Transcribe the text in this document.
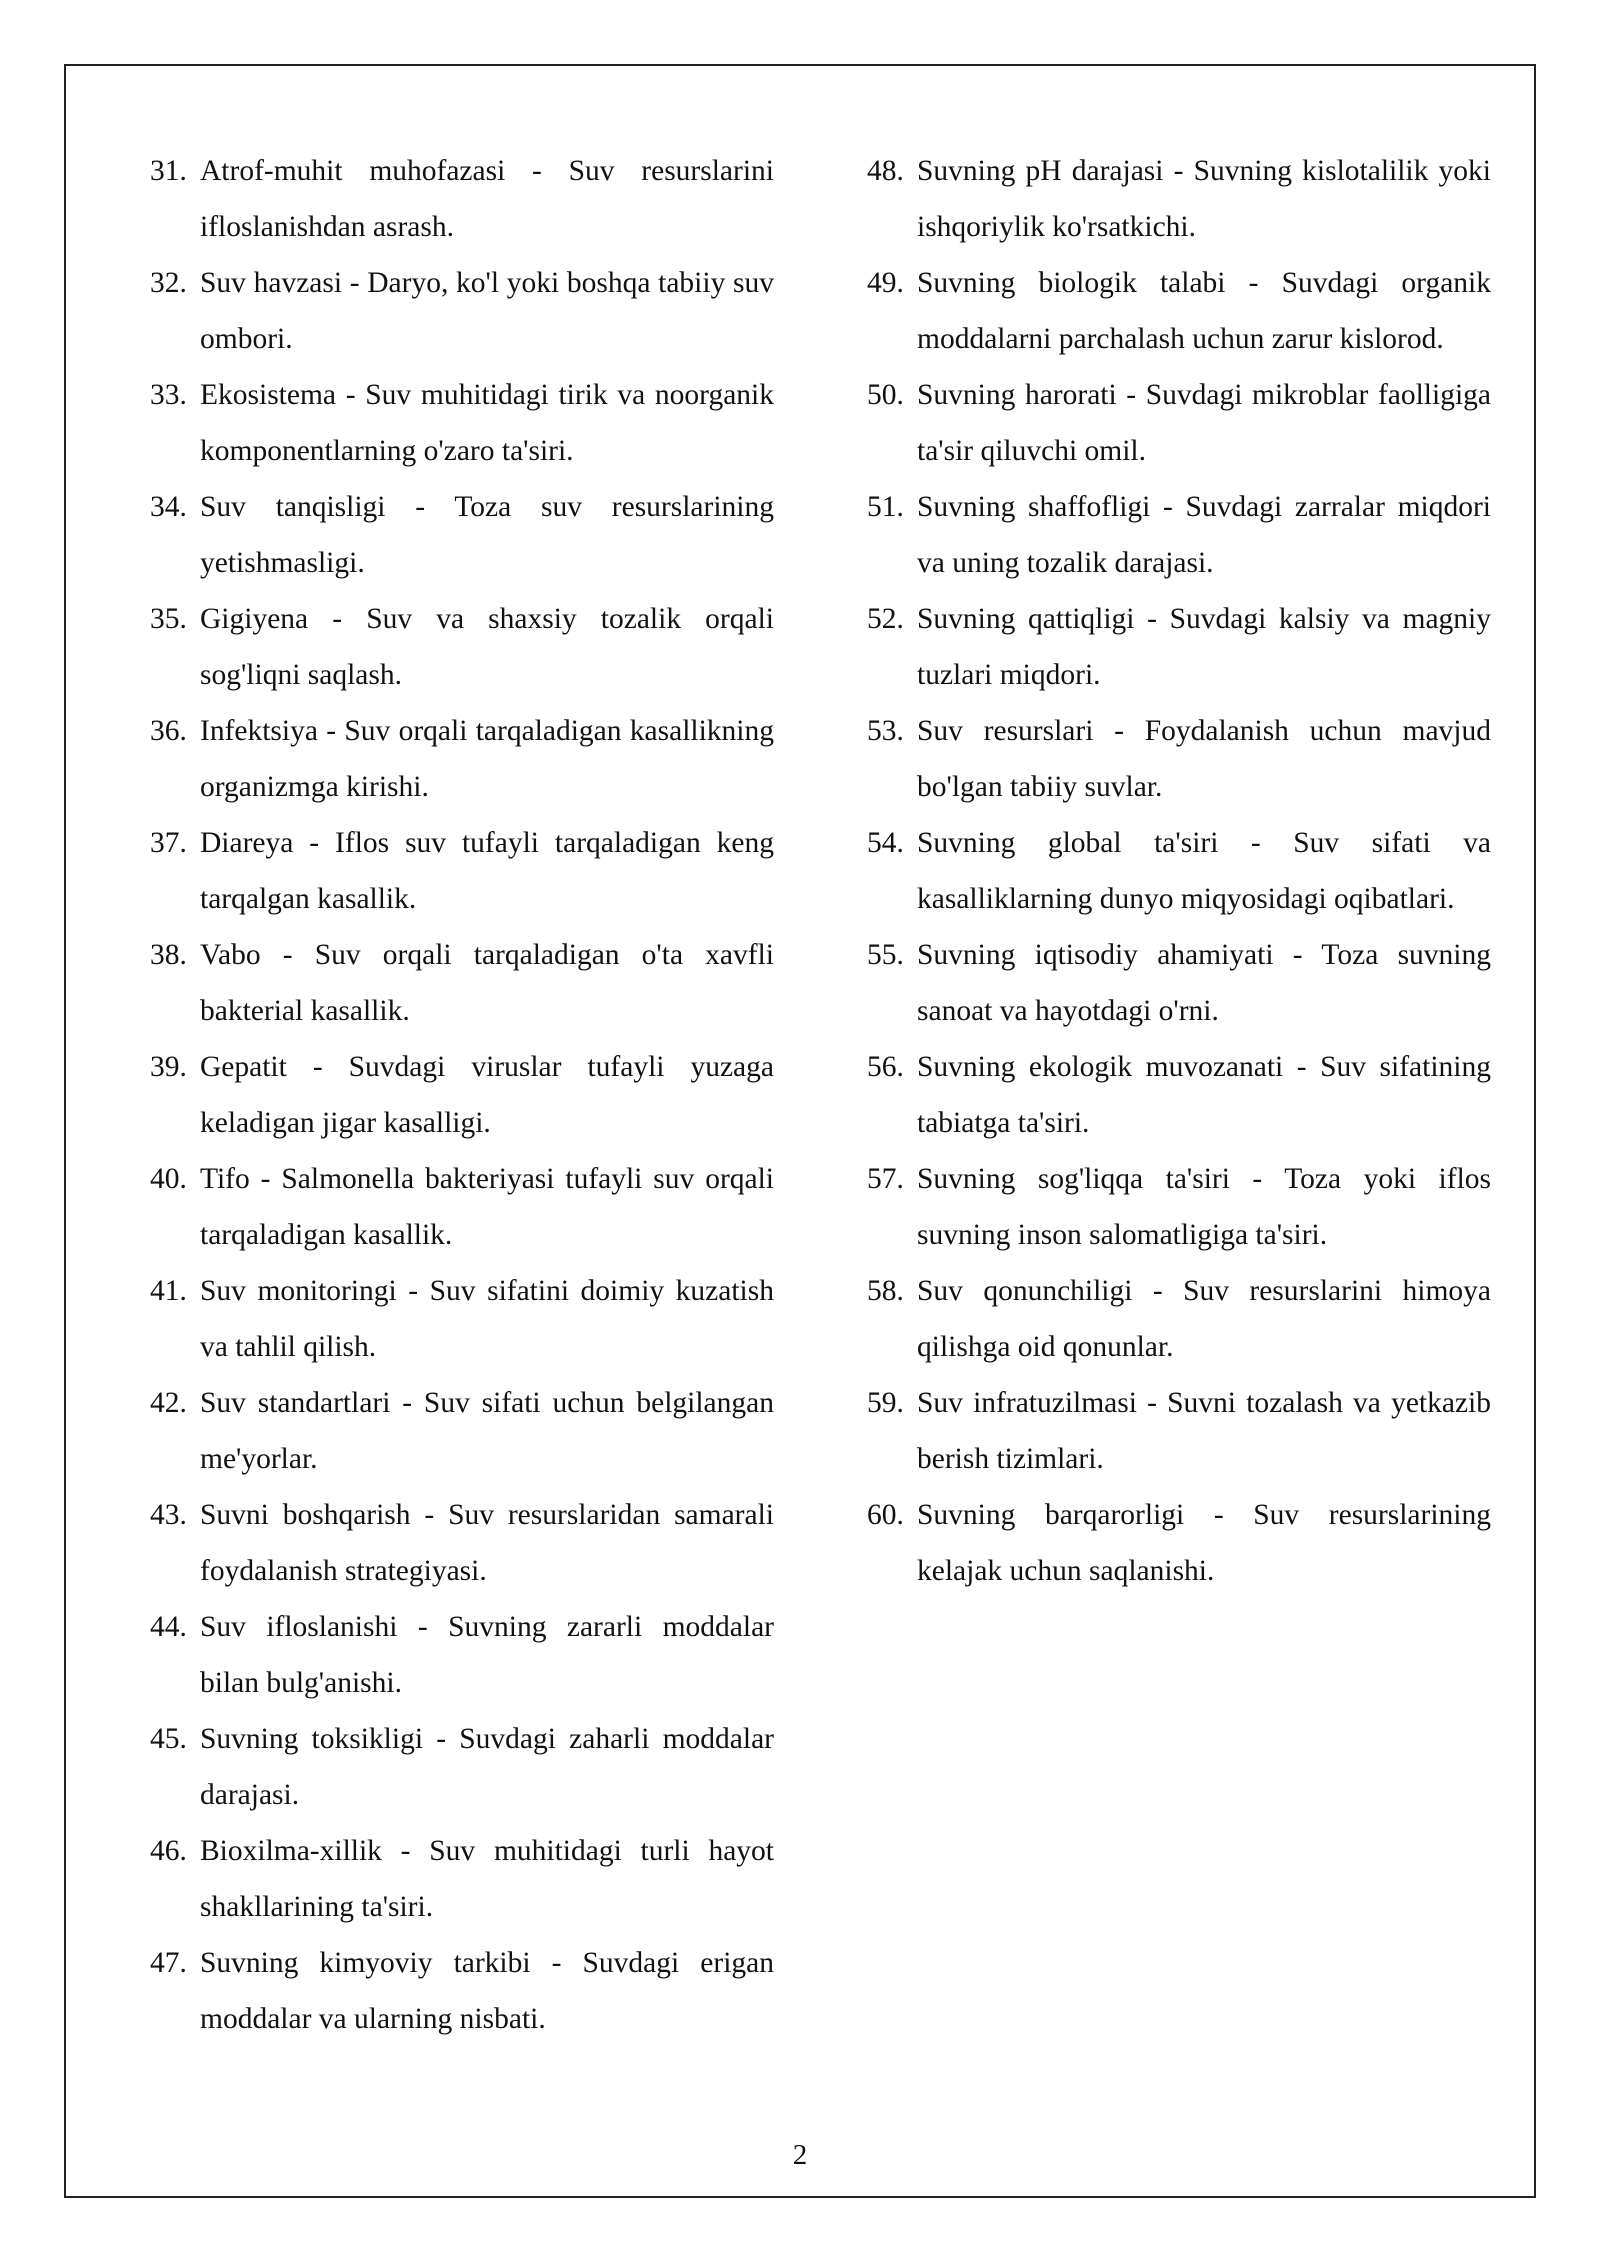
31. Atrof-muhit muhofazasi - Suv resurslarini ifloslanishdan asrash.
32. Suv havzasi - Daryo, ko'l yoki boshqa tabiiy suv ombori.
33. Ekosistema - Suv muhitidagi tirik va noorganik komponentlarning o'zaro ta'siri.
34. Suv tanqisligi - Toza suv resurslarining yetishmasligi.
35. Gigiyena - Suv va shaxsiy tozalik orqali sog'liqni saqlash.
36. Infektsiya - Suv orqali tarqaladigan kasallikning organizmga kirishi.
37. Diareya - Iflos suv tufayli tarqaladigan keng tarqalgan kasallik.
38. Vabo - Suv orqali tarqaladigan o'ta xavfli bakterial kasallik.
39. Gepatit - Suvdagi viruslar tufayli yuzaga keladigan jigar kasalligi.
40. Tifo - Salmonella bakteriyasi tufayli suv orqali tarqaladigan kasallik.
41. Suv monitoringi - Suv sifatini doimiy kuzatish va tahlil qilish.
42. Suv standartlari - Suv sifati uchun belgilangan me'yorlar.
43. Suvni boshqarish - Suv resurslaridan samarali foydalanish strategiyasi.
44. Suv ifloslanishi - Suvning zararli moddalar bilan bulg'anishi.
45. Suvning toksikligi - Suvdagi zaharli moddalar darajasi.
46. Bioxilma-xillik - Suv muhitidagi turli hayot shakllarining ta'siri.
47. Suvning kimyoviy tarkibi - Suvdagi erigan moddalar va ularning nisbati.
48. Suvning pH darajasi - Suvning kislotalilik yoki ishqoriylik ko'rsatkichi.
49. Suvning biologik talabi - Suvdagi organik moddalarni parchalash uchun zarur kislorod.
50. Suvning harorati - Suvdagi mikroblar faolligiga ta'sir qiluvchi omil.
51. Suvning shaffofligi - Suvdagi zarralar miqdori va uning tozalik darajasi.
52. Suvning qattiqligi - Suvdagi kalsiy va magniy tuzlari miqdori.
53. Suv resurslari - Foydalanish uchun mavjud bo'lgan tabiiy suvlar.
54. Suvning global ta'siri - Suv sifati va kasalliklarning dunyo miqyosidagi oqibatlari.
55. Suvning iqtisodiy ahamiyati - Toza suvning sanoat va hayotdagi o'rni.
56. Suvning ekologik muvozanati - Suv sifatining tabiatga ta'siri.
57. Suvning sog'liqqa ta'siri - Toza yoki iflos suvning inson salomatligiga ta'siri.
58. Suv qonunchiligi - Suv resurslarini himoya qilishga oid qonunlar.
59. Suv infratuzilmasi - Suvni tozalash va yetkazib berish tizimlari.
60. Suvning barqarorligi - Suv resurslarining kelajak uchun saqlanishi.
2
